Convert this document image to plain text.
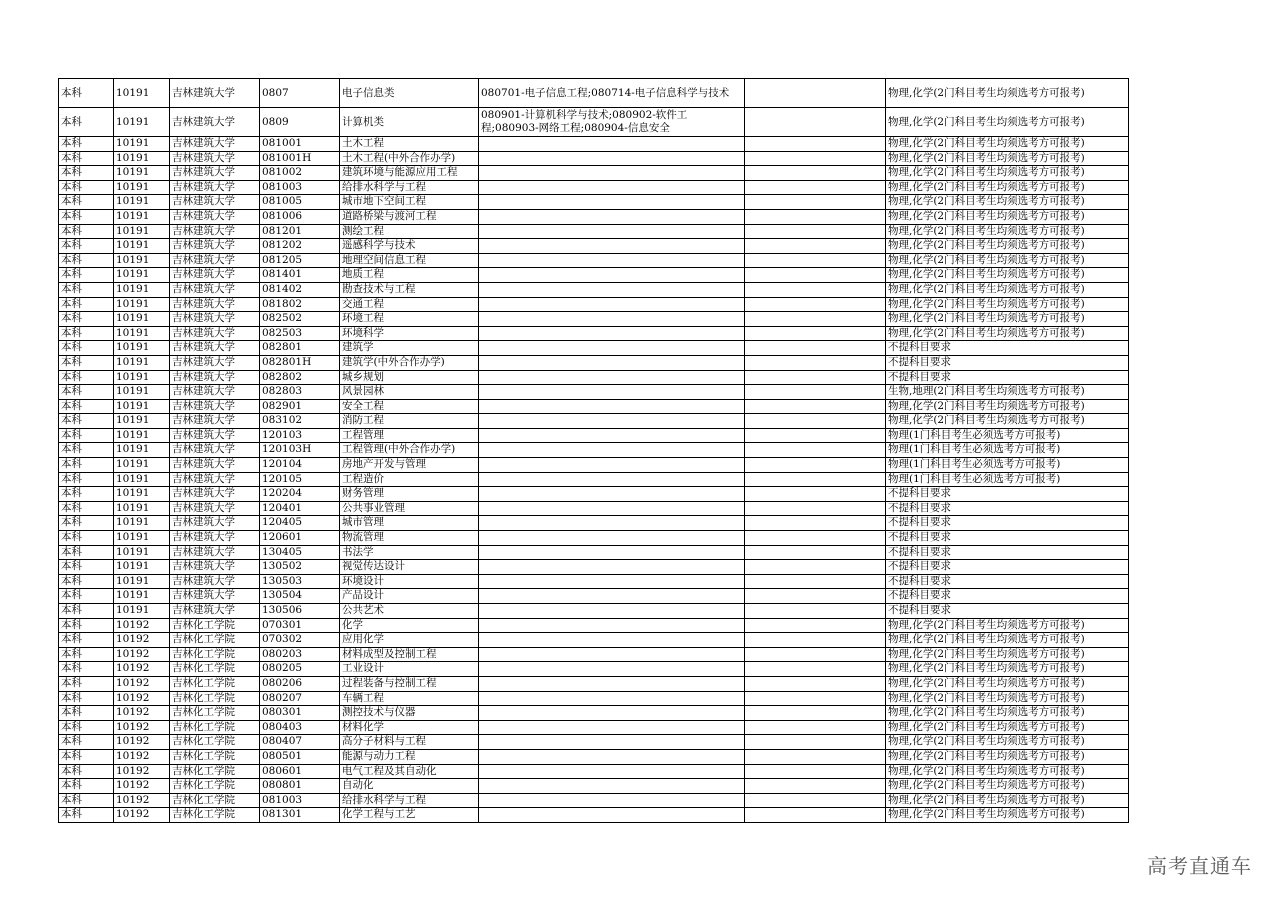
本科	10191	吉林建筑大学	0807	电子信息类	080701-电子信息工程;080714-电子信息科学与技术		物理,化学(2门科目考生均须选考方可报考)
本科	10191	吉林建筑大学	0809	计算机类	080901-计算机科学与技术;080902-软件工程;080903-网络工程;080904-信息安全		物理,化学(2门科目考生均须选考方可报考)
本科	10191	吉林建筑大学	081001	土木工程			物理,化学(2门科目考生均须选考方可报考)
本科	10191	吉林建筑大学	081001H	土木工程(中外合作办学)			物理,化学(2门科目考生均须选考方可报考)
本科	10191	吉林建筑大学	081002	建筑环境与能源应用工程			物理,化学(2门科目考生均须选考方可报考)
本科	10191	吉林建筑大学	081003	给排水科学与工程			物理,化学(2门科目考生均须选考方可报考)
本科	10191	吉林建筑大学	081005	城市地下空间工程			物理,化学(2门科目考生均须选考方可报考)
本科	10191	吉林建筑大学	081006	道路桥梁与渡河工程			物理,化学(2门科目考生均须选考方可报考)
本科	10191	吉林建筑大学	081201	测绘工程			物理,化学(2门科目考生均须选考方可报考)
本科	10191	吉林建筑大学	081202	遥感科学与技术			物理,化学(2门科目考生均须选考方可报考)
本科	10191	吉林建筑大学	081205	地理空间信息工程			物理,化学(2门科目考生均须选考方可报考)
本科	10191	吉林建筑大学	081401	地质工程			物理,化学(2门科目考生均须选考方可报考)
本科	10191	吉林建筑大学	081402	勘查技术与工程			物理,化学(2门科目考生均须选考方可报考)
本科	10191	吉林建筑大学	081802	交通工程			物理,化学(2门科目考生均须选考方可报考)
本科	10191	吉林建筑大学	082502	环境工程			物理,化学(2门科目考生均须选考方可报考)
本科	10191	吉林建筑大学	082503	环境科学			物理,化学(2门科目考生均须选考方可报考)
本科	10191	吉林建筑大学	082801	建筑学			不提科目要求
本科	10191	吉林建筑大学	082801H	建筑学(中外合作办学)			不提科目要求
本科	10191	吉林建筑大学	082802	城乡规划			不提科目要求
本科	10191	吉林建筑大学	082803	风景园林			生物,地理(2门科目考生均须选考方可报考)
本科	10191	吉林建筑大学	082901	安全工程			物理,化学(2门科目考生均须选考方可报考)
本科	10191	吉林建筑大学	083102	消防工程			物理,化学(2门科目考生均须选考方可报考)
本科	10191	吉林建筑大学	120103	工程管理			物理(1门科目考生必须选考方可报考)
本科	10191	吉林建筑大学	120103H	工程管理(中外合作办学)			物理(1门科目考生必须选考方可报考)
本科	10191	吉林建筑大学	120104	房地产开发与管理			物理(1门科目考生必须选考方可报考)
本科	10191	吉林建筑大学	120105	工程造价			物理(1门科目考生必须选考方可报考)
本科	10191	吉林建筑大学	120204	财务管理			不提科目要求
本科	10191	吉林建筑大学	120401	公共事业管理			不提科目要求
本科	10191	吉林建筑大学	120405	城市管理			不提科目要求
本科	10191	吉林建筑大学	120601	物流管理			不提科目要求
本科	10191	吉林建筑大学	130405	书法学			不提科目要求
本科	10191	吉林建筑大学	130502	视觉传达设计			不提科目要求
本科	10191	吉林建筑大学	130503	环境设计			不提科目要求
本科	10191	吉林建筑大学	130504	产品设计			不提科目要求
本科	10191	吉林建筑大学	130506	公共艺术			不提科目要求
本科	10192	吉林化工学院	070301	化学			物理,化学(2门科目考生均须选考方可报考)
本科	10192	吉林化工学院	070302	应用化学			物理,化学(2门科目考生均须选考方可报考)
本科	10192	吉林化工学院	080203	材料成型及控制工程			物理,化学(2门科目考生均须选考方可报考)
本科	10192	吉林化工学院	080205	工业设计			物理,化学(2门科目考生均须选考方可报考)
本科	10192	吉林化工学院	080206	过程装备与控制工程			物理,化学(2门科目考生均须选考方可报考)
本科	10192	吉林化工学院	080207	车辆工程			物理,化学(2门科目考生均须选考方可报考)
本科	10192	吉林化工学院	080301	测控技术与仪器			物理,化学(2门科目考生均须选考方可报考)
本科	10192	吉林化工学院	080403	材料化学			物理,化学(2门科目考生均须选考方可报考)
本科	10192	吉林化工学院	080407	高分子材料与工程			物理,化学(2门科目考生均须选考方可报考)
本科	10192	吉林化工学院	080501	能源与动力工程			物理,化学(2门科目考生均须选考方可报考)
本科	10192	吉林化工学院	080601	电气工程及其自动化			物理,化学(2门科目考生均须选考方可报考)
本科	10192	吉林化工学院	080801	自动化			物理,化学(2门科目考生均须选考方可报考)
本科	10192	吉林化工学院	081003	给排水科学与工程			物理,化学(2门科目考生均须选考方可报考)
本科	10192	吉林化工学院	081301	化学工程与工艺			物理,化学(2门科目考生均须选考方可报考)
高考直通车
